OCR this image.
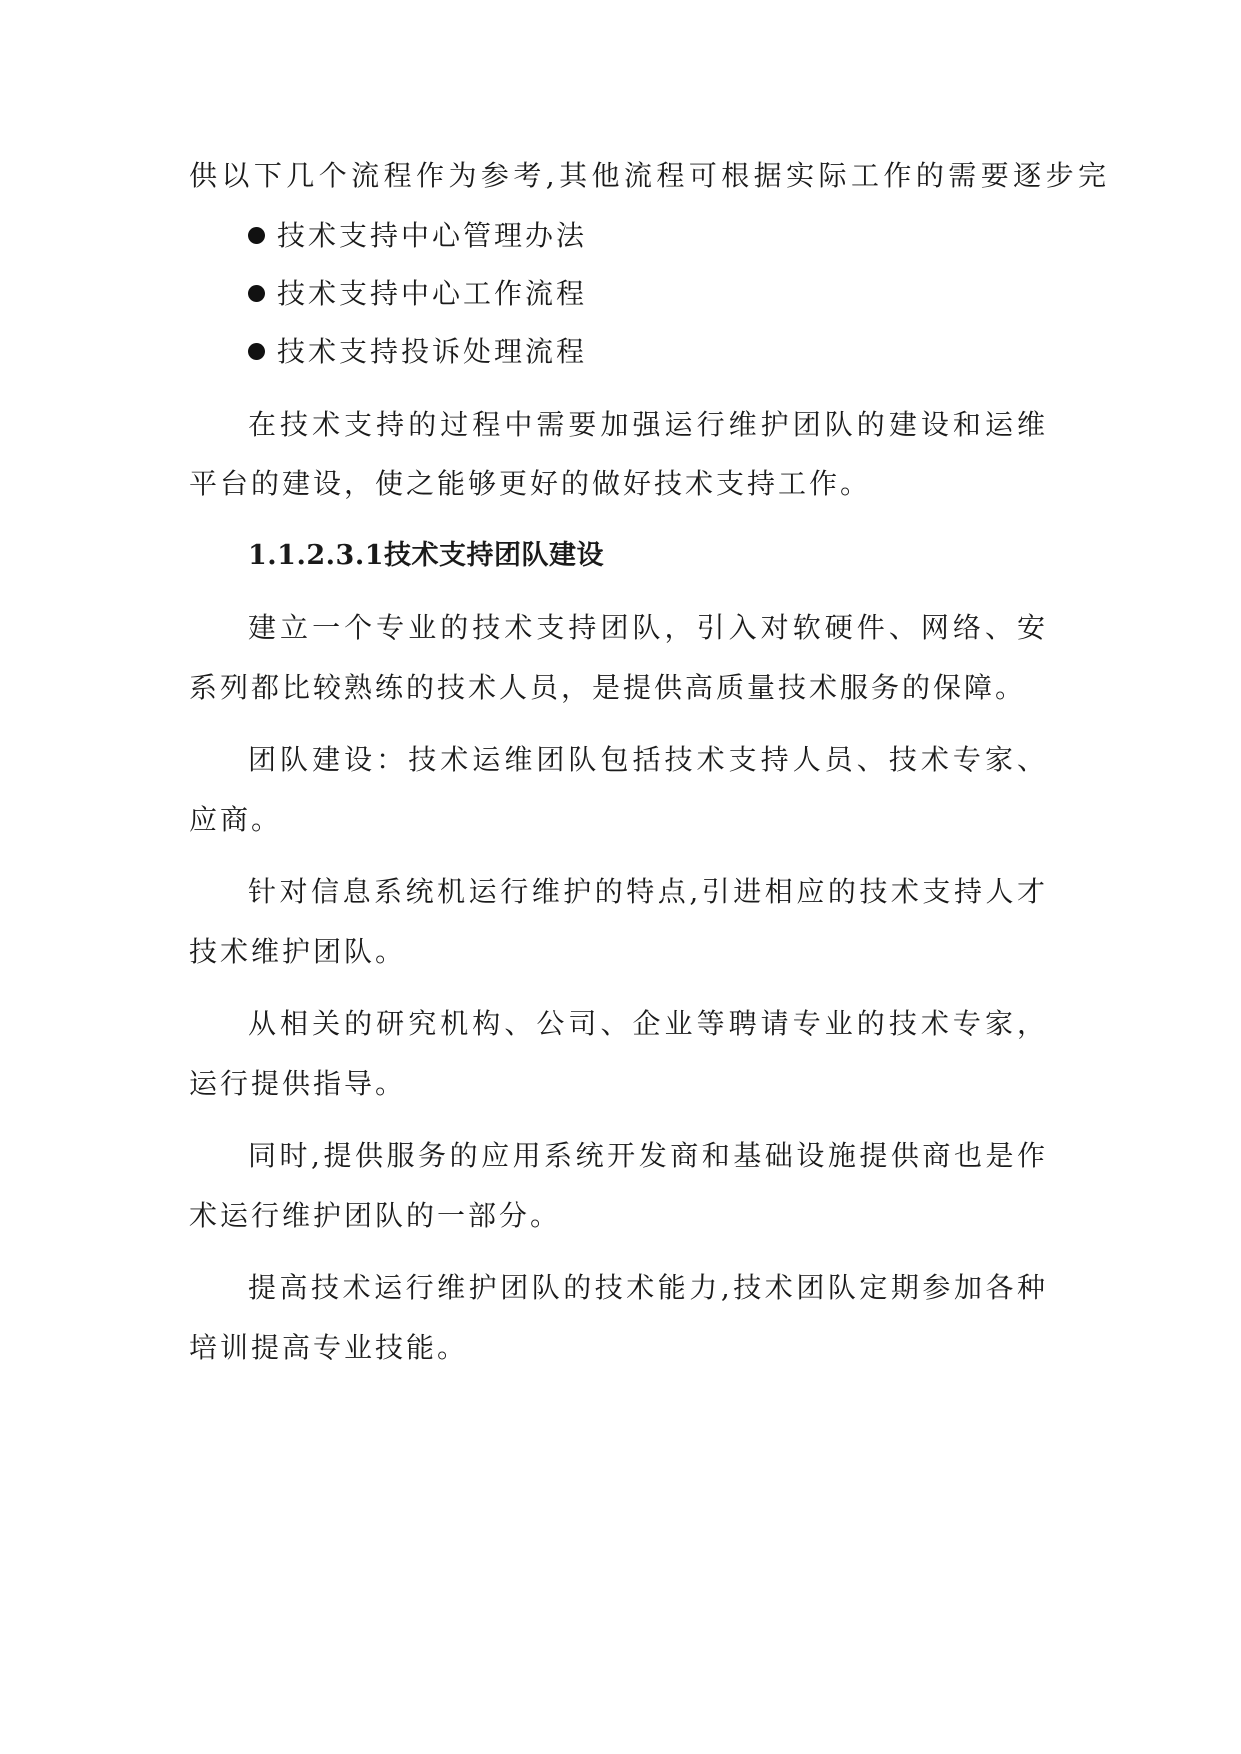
供以下几个流程作为参考,其他流程可根据实际工作的需要逐步完
技术支持中心管理办法
技术支持中心工作流程
技术支持投诉处理流程
在技术支持的过程中需要加强运行维护团队的建设和运维
平台的建设，使之能够更好的做好技术支持工作。
1.1.2.3.1技术支持团队建设
建立一个专业的技术支持团队，引入对软硬件、网络、安
系列都比较熟练的技术人员，是提供高质量技术服务的保障。
团队建设：技术运维团队包括技术支持人员、技术专家、
应商。
针对信息系统机运行维护的特点,引进相应的技术支持人才
技术维护团队。
从相关的研究机构、公司、企业等聘请专业的技术专家，
运行提供指导。
同时,提供服务的应用系统开发商和基础设施提供商也是作
术运行维护团队的一部分。
提高技术运行维护团队的技术能力,技术团队定期参加各种
培训提高专业技能。
